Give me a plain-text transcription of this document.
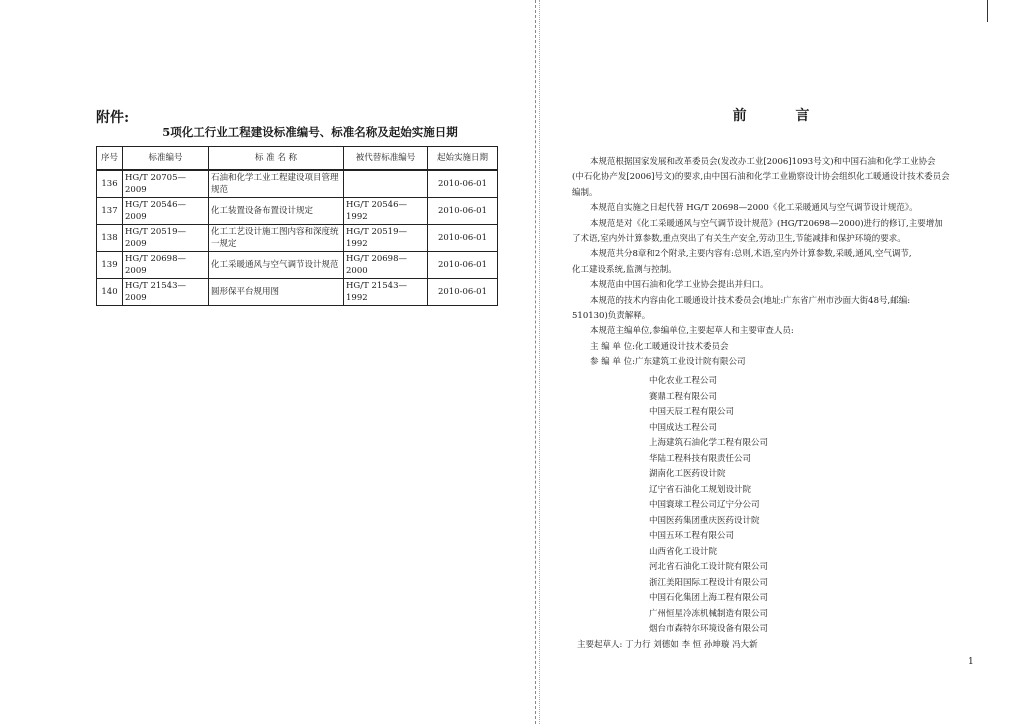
附件:
5项化工行业工程建设标准编号、标准名称及起始实施日期
序号	标准编号	标 准 名 称	被代替标准编号	起始实施日期
136	HG/T 20705—2009	石油和化学工业工程建设项目管理规范		2010-06-01
137	HG/T 20546—2009	化工装置设备布置设计规定	HG/T 20546—1992	2010-06-01
138	HG/T 20519—2009	化工工艺设计施工图内容和深度统一规定	HG/T 20519—1992	2010-06-01
139	HG/T 20698—2009	化工采暖通风与空气调节设计规范	HG/T 20698—2000	2010-06-01
140	HG/T 21543—2009	圆形保平台规用图	HG/T 21543—1992	2010-06-01
前 言
本规范根据国家发展和改革委员会(发改办工业[2006]1093号文)和中国石油和化学工业协会
(中石化协产发[2006]号文)的要求,由中国石油和化学工业勘察设计协会组织化工暖通设计技术委员会
编制。
本规范自实施之日起代替 HG/T 20698—2000《化工采暖通风与空气调节设计规范》。
本规范是对《化工采暖通风与空气调节设计规范》(HG/T20698—2000)进行的修订,主要增加
了术语,室内外计算参数,重点突出了有关生产安全,劳动卫生,节能减排和保护环境的要求。
本规范共分8章和2个附录,主要内容有:总则,术语,室内外计算参数,采暖,通风,空气调节,
化工建设系统,监测与控制。
本规范由中国石油和化学工业协会提出并归口。
本规范的技术内容由化工暖通设计技术委员会(地址:广东省广州市沙面大街48号,邮编:
510130)负责解释。
本规范主编单位,参编单位,主要起草人和主要审查人员:
主 编 单 位:化工暖通设计技术委员会
参 编 单 位:广东建筑工业设计院有限公司
中化农业工程公司
赛鼎工程有限公司
中国天辰工程有限公司
中国成达工程公司
上海建筑石油化学工程有限公司
华陆工程科技有限责任公司
湖南化工医药设计院
辽宁省石油化工规划设计院
中国寰球工程公司辽宁分公司
中国医药集团重庆医药设计院
中国五环工程有限公司
山西省化工设计院
河北省石油化工设计院有限公司
浙江美阳国际工程设计有限公司
中国石化集团上海工程有限公司
广州恒星冷冻机械制造有限公司
烟台市森特尔环境设备有限公司
主要起草人: 丁力行 刘德如 李 恒 孙坤璇 冯大新
1
